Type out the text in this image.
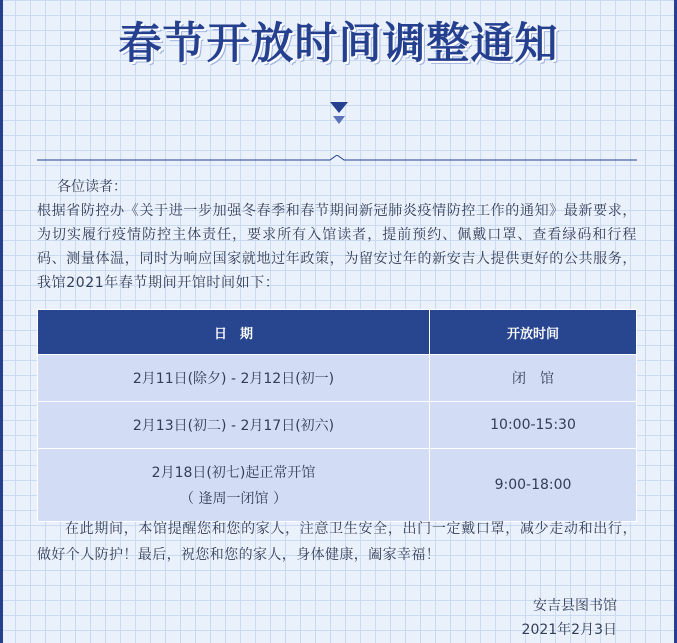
春节开放时间调整通知
各位读者：

根据省防控办《关于进一步加强冬春季和春节期间新冠肺炎疫情防控工作的通知》最新要求，为切实履行疫情防控主体责任，要求所有入馆读者，提前预约、佩戴口罩、查看绿码和行程码、测量体温，同时为响应国家就地过年政策，为留安过年的新安吉人提供更好的公共服务，我馆2021年春节期间开馆时间如下：

日　期	开放时间
2月11日(除夕) - 2月12日(初一)	闭　馆
2月13日(初二) - 2月17日(初六)	10:00-15:30

2月18日(初七)起正常开馆
（ 逢周一闭馆 ）	9:00-18:00

在此期间，本馆提醒您和您的家人，注意卫生安全，出门一定戴口罩，减少走动和出行，做好个人防护！最后，祝您和您的家人，身体健康，阖家幸福！

安吉县图书馆
2021年2月3日
